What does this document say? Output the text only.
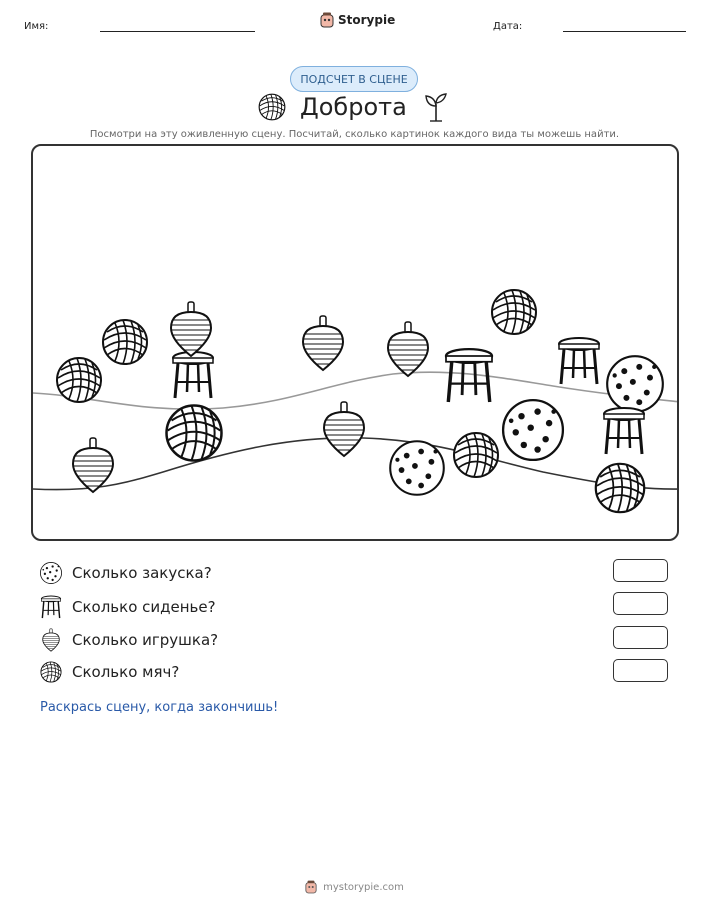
Имя:	Storypie	Дата:
ПОДСЧЕТ В СЦЕНЕ
Доброта
Посмотри на эту оживленную сцену. Посчитай, сколько картинок каждого вида ты можешь найти.
Сколько закуска?
Сколько сиденье?
Сколько игрушка?
Сколько мяч?
Раскрась сцену, когда закончишь!
mystorypie.com
